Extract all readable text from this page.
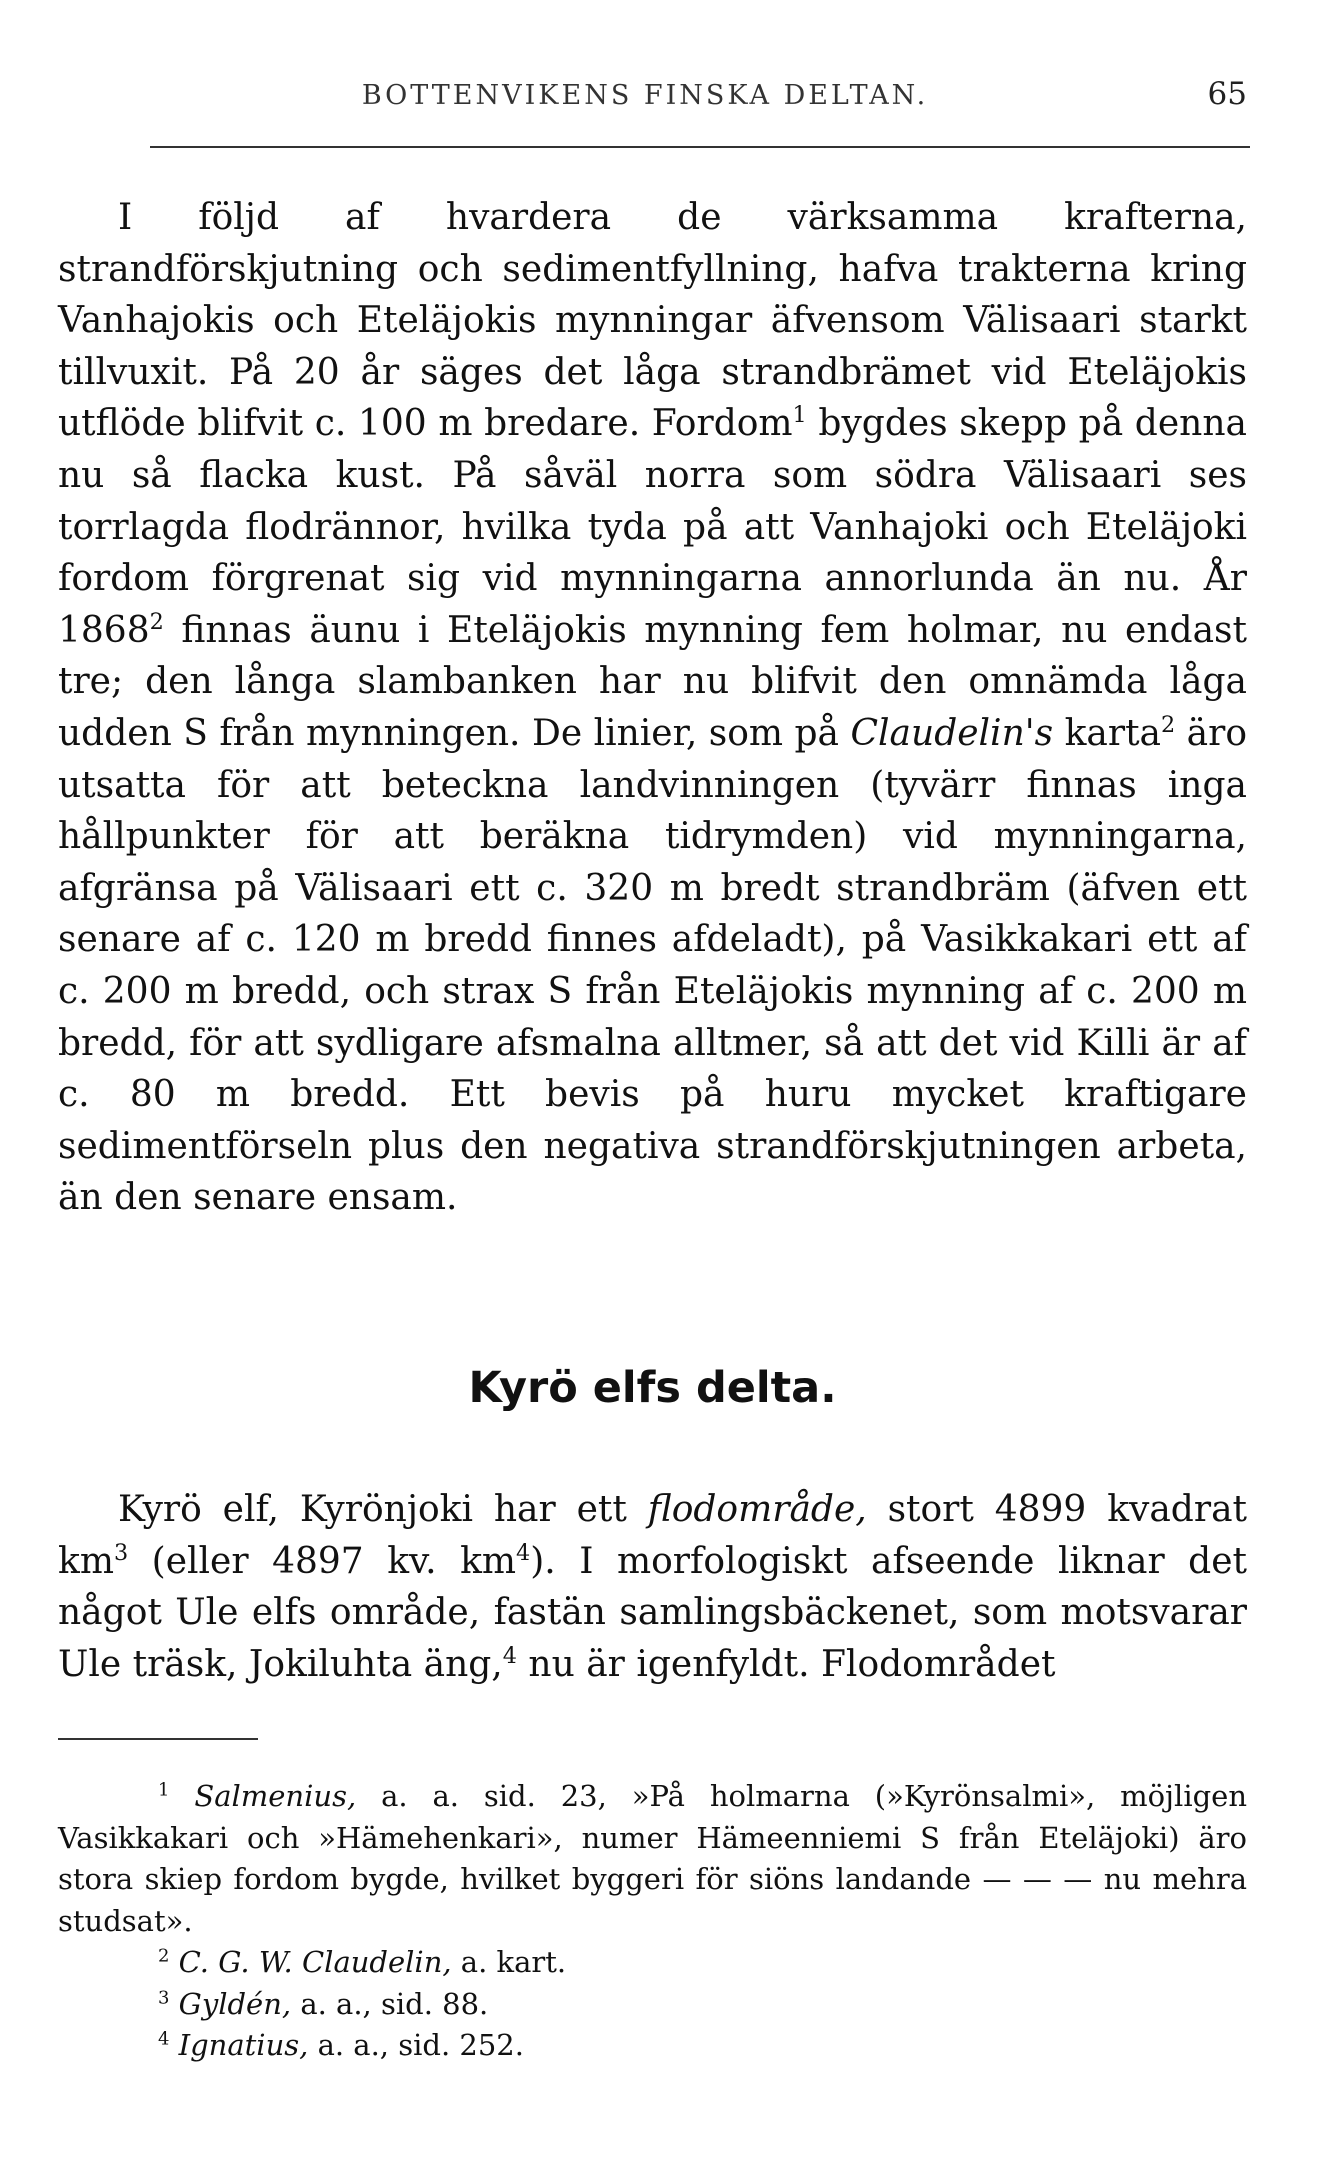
BOTTENVIKENS FINSKA DELTAN.	65

I följd af hvardera de värksamma krafterna, strandförskjutning och sedimentfyllning, hafva trakterna kring Vanhajokis och Eteläjokis mynningar äfvensom Välisaari starkt tillvuxit. På 20 år säges det låga strandbrämet vid Eteläjokis utflöde blifvit c. 100 m bredare. Fordom$^1$ bygdes skepp på denna nu så flacka kust. På såväl norra som södra Välisaari ses torrlagda flodrännor, hvilka tyda på att Vanhajoki och Eteläjoki fordom förgrenat sig vid mynningarna annorlunda än nu. År 1868$^2$ finnas äunu i Eteläjokis mynning fem holmar, nu endast tre; den långa slambanken har nu blifvit den omnämda låga udden S från mynningen. De linier, som på Claudelin's karta$^2$ äro utsatta för att beteckna landvinningen (tyvärr finnas inga hållpunkter för att beräkna tidrymden) vid mynningarna, afgränsa på Välisaari ett c. 320 m bredt strandbräm (äfven ett senare af c. 120 m bredd finnes afdeladt), på Vasikkakari ett af c. 200 m bredd, och strax S från Eteläjokis mynning af c. 200 m bredd, för att sydligare afsmalna alltmer, så att det vid Killi är af c. 80 m bredd. Ett bevis på huru mycket kraftigare sedimentförseln plus den negativa strandförskjutningen arbeta, än den senare ensam.

Kyrö elfs delta.

Kyrö elf, Kyrönjoki har ett flodområde, stort 4899 kvadrat $km^3$ (eller 4897 kv. $km^4$). I morfologiskt afseende liknar det något Ule elfs område, fastän samlingsbäckenet, som motsvarar Ule träsk, Jokiluhta äng,$^4$ nu är igenfyldt. Flodområdet

$^1$ Salmenius, a. a. sid. 23, »På holmarna (»Kyrönsalmi», möjligen Vasikkakari och »Hämehenkari», numer Hämeenniemi S från Eteläjoki) äro stora skiep fordom bygde, hvilket byggeri för siöns landande — — — nu mehra studsat».

$^2$ C. G. W. Claudelin, a. kart.

$^3$ Gyldén, a. a., sid. 88.

$^4$ Ignatius, a. a., sid. 252.
